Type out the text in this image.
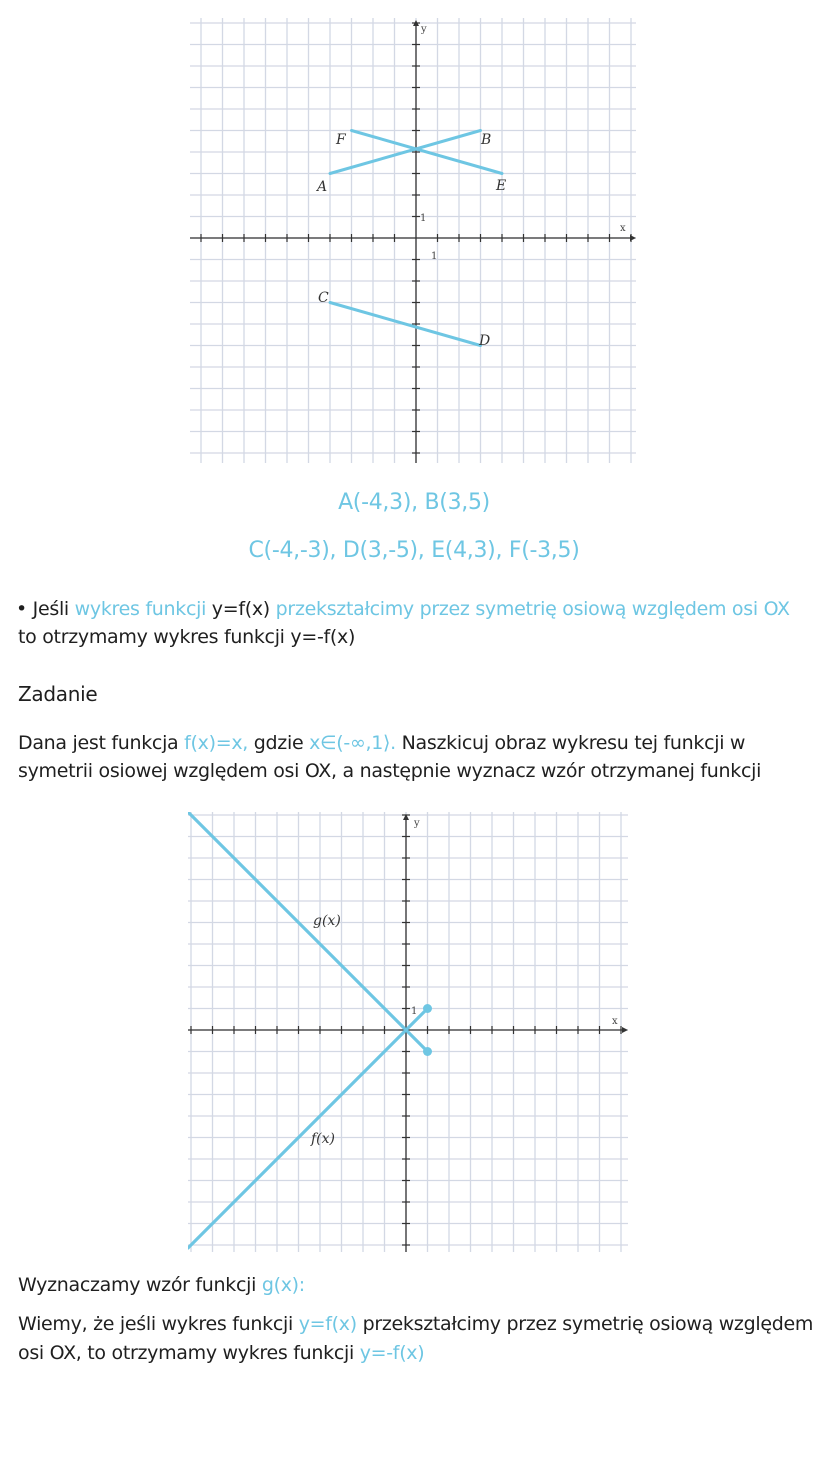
x
y
1
1
A
B
C
D
E
F
A(-4,3), B(3,5)
C(-4,-3), D(3,-5), E(4,3), F(-3,5)
• Jeśli wykres funkcji y=f(x) przekształcimy przez symetrię osiową względem osi OX
to otrzymamy wykres funkcji y=-f(x)
Zadanie
Dana jest funkcja f(x)=x, gdzie x∈(-∞,1⟩. Naszkicuj obraz wykresu tej funkcji w
symetrii osiowej względem osi OX, a następnie wyznacz wzór otrzymanej funkcji
x
y
1
g(x)
f(x)
Wyznaczamy wzór funkcji g(x):
Wiemy, że jeśli wykres funkcji y=f(x) przekształcimy przez symetrię osiową względem
osi OX, to otrzymamy wykres funkcji y=-f(x)
